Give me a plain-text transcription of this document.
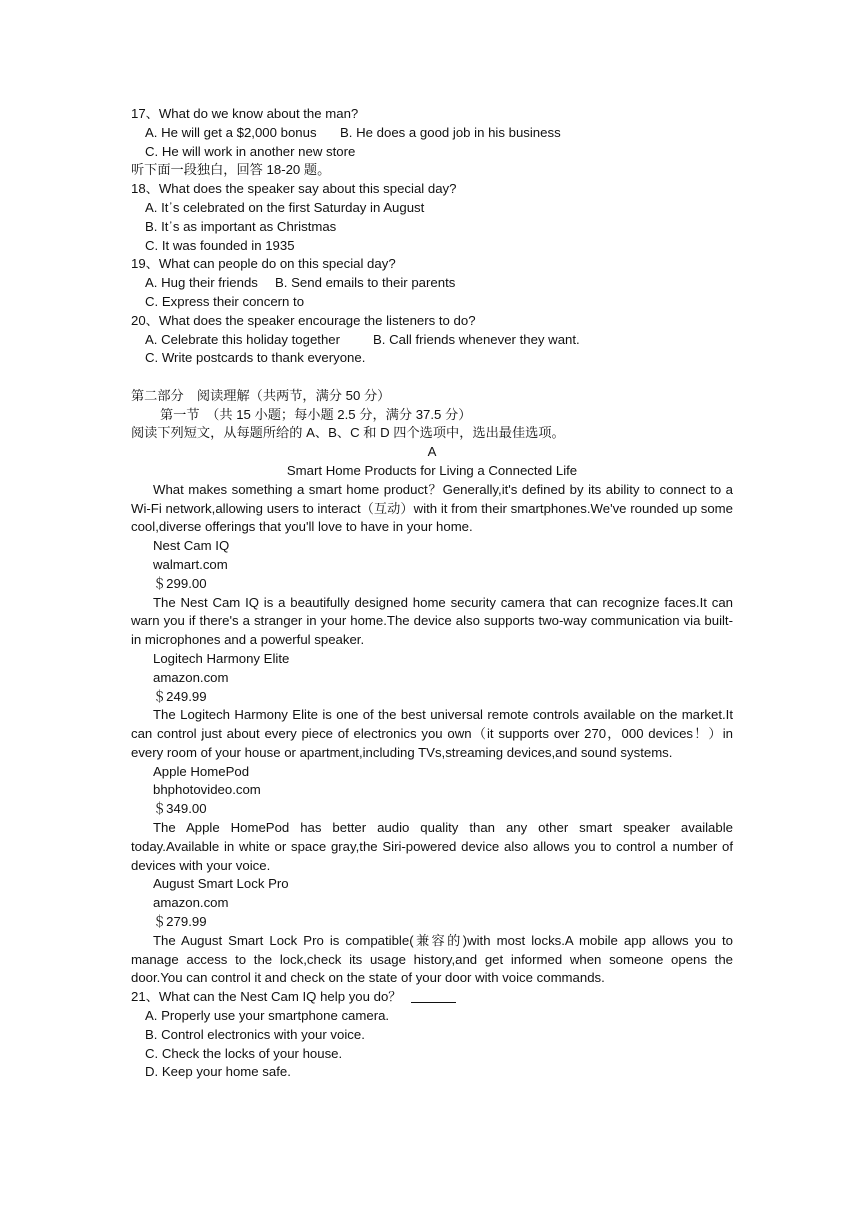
17、What do we know about the man?
A. He will get a $2,000 bonus B. He does a good job in his business
C. He will work in another new store
听下面一段独白，回答 18-20 题。
18、What does the speaker say about this special day?
A. It᾽s celebrated on the first Saturday in August
B. It᾽s as important as Christmas
C. It was founded in 1935
19、What can people do on this special day?
A. Hug their friends B. Send emails to their parents
C. Express their concern to
20、What does the speaker encourage the listeners to do?
A. Celebrate this holiday together	B. Call friends whenever they want.
C. Write postcards to thank everyone.
第二部分　阅读理解（共两节，满分 50 分）
第一节　（共 15 小题；每小题 2.5 分，满分 37.5 分）
阅读下列短文，从每题所给的 A、B、C 和 D 四个选项中，选出最佳选项。
A
Smart Home Products for Living a Connected Life
What makes something a smart home product？Generally,it's defined by its ability to connect to a Wi-Fi network,allowing users to interact（互动）with it from their smartphones.We've rounded up some cool,diverse offerings that you'll love to have in your home.
Nest Cam IQ
walmart.com
＄299.00
The Nest Cam IQ is a beautifully designed home security camera that can recognize faces.It can warn you if there's a stranger in your home.The device also supports two-way communication via built-in microphones and a powerful speaker.
Logitech Harmony Elite
amazon.com
＄249.99
The Logitech Harmony Elite is one of the best universal remote controls available on the market.It can control just about every piece of electronics you own（it supports over 270，000 devices！）in every room of your house or apartment,including TVs,streaming devices,and sound systems.
Apple HomePod
bhphotovideo.com
＄349.00
The Apple HomePod has better audio quality than any other smart speaker available today.Available in white or space gray,the Siri-powered device also allows you to control a number of devices with your voice.
August Smart Lock Pro
amazon.com
＄279.99
The August Smart Lock Pro is compatible(兼容的)with most locks.A mobile app allows you to manage access to the lock,check its usage history,and get informed when someone opens the door.You can control it and check on the state of your door with voice commands.
21、What can the Nest Cam IQ help you do？
A. Properly use your smartphone camera.
B. Control electronics with your voice.
C. Check the locks of your house.
D. Keep your home safe.
